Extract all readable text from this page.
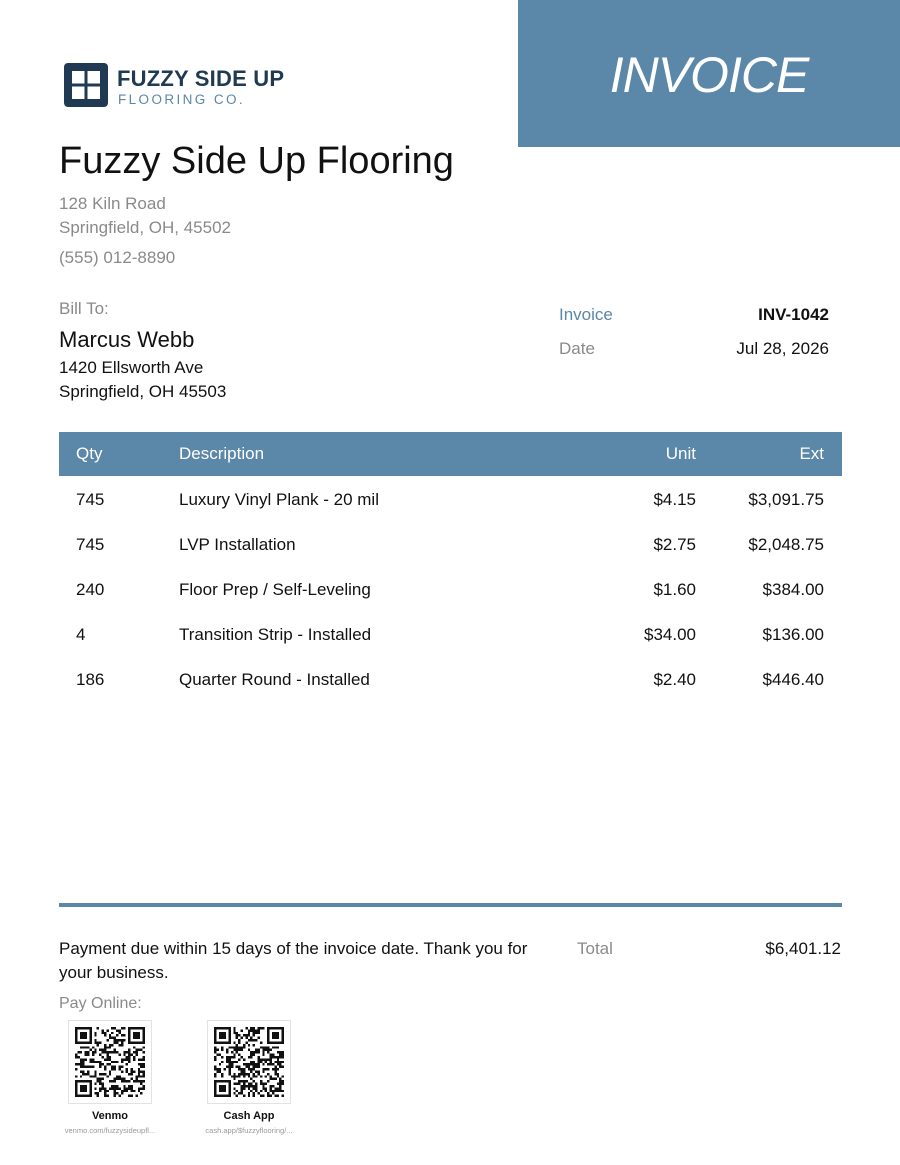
INVOICE
FUZZY SIDE UP
FLOORING CO.
Fuzzy Side Up Flooring
128 Kiln Road
Springfield, OH, 45502
(555) 012-8890
Bill To:
Marcus Webb
1420 Ellsworth Ave
Springfield, OH 45503
Invoice	INV-1042
Date	Jul 28, 2026
Qty	Description	Unit	Ext
745	Luxury Vinyl Plank - 20 mil	$4.15	$3,091.75
745	LVP Installation	$2.75	$2,048.75
240	Floor Prep / Self-Leveling	$1.60	$384.00
4	Transition Strip - Installed	$34.00	$136.00
186	Quarter Round - Installed	$2.40	$446.40
Payment due within 15 days of the invoice date. Thank you for your business.
Total	$6,401.12
Pay Online:
Venmo
venmo.com/fuzzysideupfl...
Cash App
cash.app/$fuzzyflooring/...
